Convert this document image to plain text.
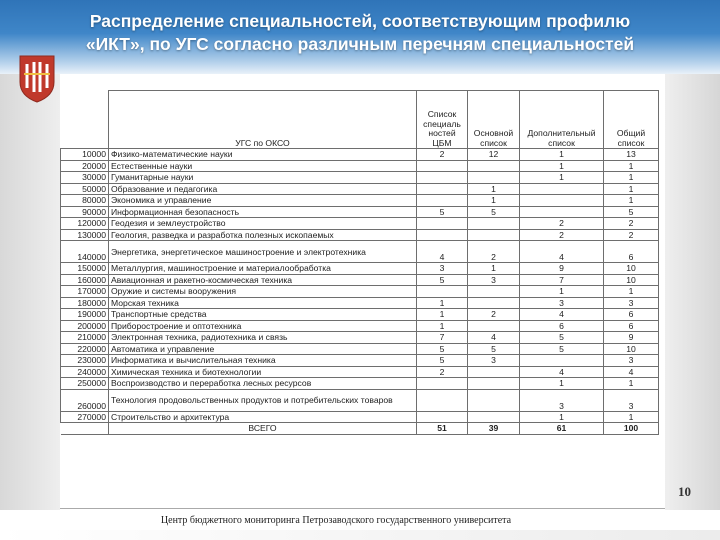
Распределение специальностей, соответствующим профилю
«ИКТ», по УГС согласно различным перечням специальностей
	УГС по ОКСО	Список специаль ностей ЦБМ	Основной список	Дополнительный список	Общий список
10000	Физико-математические науки	2	12	1	13
20000	Естественные науки			1	1
30000	Гуманитарные науки			1	1
50000	Образование и педагогика		1		1
80000	Экономика и управление		1		1
90000	Информационная безопасность	5	5		5
120000	Геодезия и землеустройство			2	2
130000	Геология, разведка и разработка полезных ископаемых			2	2
140000	Энергетика, энергетическое машиностроение и электротехника	4	2	4	6
150000	Металлургия, машиностроение и материалообработка	3	1	9	10
160000	Авиационная и ракетно-космическая техника	5	3	7	10
170000	Оружие и системы вооружения			1	1
180000	Морская техника	1		3	3
190000	Транспортные средства	1	2	4	6
200000	Приборостроение и оптотехника	1		6	6
210000	Электронная техника, радиотехника и связь	7	4	5	9
220000	Автоматика и управление	5	5	5	10
230000	Информатика и вычислительная техника	5	3		3
240000	Химическая техника и биотехнологии	2		4	4
250000	Воспроизводство и переработка лесных ресурсов			1	1
260000	Технология продовольственных продуктов и потребительских товаров			3	3
270000	Строительство и архитектура			1	1
	ВСЕГО	51	39	61	100
10
Центр бюджетного мониторинга Петрозаводского государственного университета
